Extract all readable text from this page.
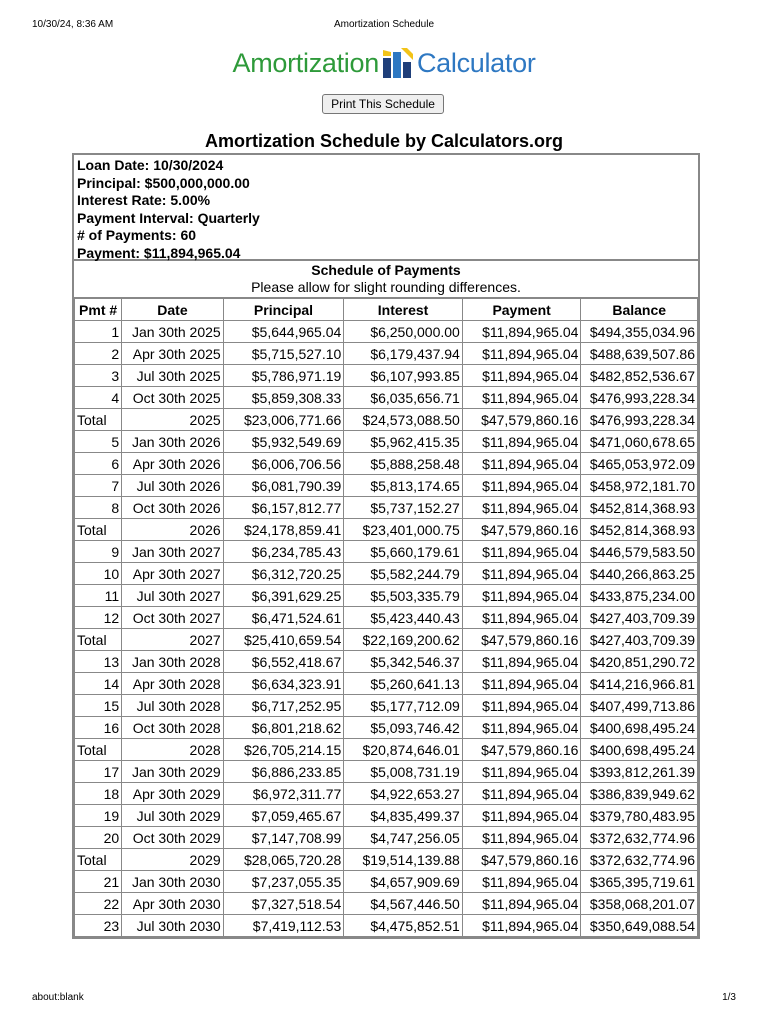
10/30/24, 8:36 AM	Amortization Schedule
Amortization Calculator
Print This Schedule
Amortization Schedule by Calculators.org
Loan Date: 10/30/2024
Principal: $500,000,000.00
Interest Rate: 5.00%
Payment Interval: Quarterly
# of Payments: 60
Payment: $11,894,965.04
Schedule of Payments
Please allow for slight rounding differences.
Pmt #	Date	Principal	Interest	Payment	Balance
1	Jan 30th 2025	$5,644,965.04	$6,250,000.00	$11,894,965.04	$494,355,034.96
2	Apr 30th 2025	$5,715,527.10	$6,179,437.94	$11,894,965.04	$488,639,507.86
3	Jul 30th 2025	$5,786,971.19	$6,107,993.85	$11,894,965.04	$482,852,536.67
4	Oct 30th 2025	$5,859,308.33	$6,035,656.71	$11,894,965.04	$476,993,228.34
Total	2025	$23,006,771.66	$24,573,088.50	$47,579,860.16	$476,993,228.34
5	Jan 30th 2026	$5,932,549.69	$5,962,415.35	$11,894,965.04	$471,060,678.65
6	Apr 30th 2026	$6,006,706.56	$5,888,258.48	$11,894,965.04	$465,053,972.09
7	Jul 30th 2026	$6,081,790.39	$5,813,174.65	$11,894,965.04	$458,972,181.70
8	Oct 30th 2026	$6,157,812.77	$5,737,152.27	$11,894,965.04	$452,814,368.93
Total	2026	$24,178,859.41	$23,401,000.75	$47,579,860.16	$452,814,368.93
9	Jan 30th 2027	$6,234,785.43	$5,660,179.61	$11,894,965.04	$446,579,583.50
10	Apr 30th 2027	$6,312,720.25	$5,582,244.79	$11,894,965.04	$440,266,863.25
11	Jul 30th 2027	$6,391,629.25	$5,503,335.79	$11,894,965.04	$433,875,234.00
12	Oct 30th 2027	$6,471,524.61	$5,423,440.43	$11,894,965.04	$427,403,709.39
Total	2027	$25,410,659.54	$22,169,200.62	$47,579,860.16	$427,403,709.39
13	Jan 30th 2028	$6,552,418.67	$5,342,546.37	$11,894,965.04	$420,851,290.72
14	Apr 30th 2028	$6,634,323.91	$5,260,641.13	$11,894,965.04	$414,216,966.81
15	Jul 30th 2028	$6,717,252.95	$5,177,712.09	$11,894,965.04	$407,499,713.86
16	Oct 30th 2028	$6,801,218.62	$5,093,746.42	$11,894,965.04	$400,698,495.24
Total	2028	$26,705,214.15	$20,874,646.01	$47,579,860.16	$400,698,495.24
17	Jan 30th 2029	$6,886,233.85	$5,008,731.19	$11,894,965.04	$393,812,261.39
18	Apr 30th 2029	$6,972,311.77	$4,922,653.27	$11,894,965.04	$386,839,949.62
19	Jul 30th 2029	$7,059,465.67	$4,835,499.37	$11,894,965.04	$379,780,483.95
20	Oct 30th 2029	$7,147,708.99	$4,747,256.05	$11,894,965.04	$372,632,774.96
Total	2029	$28,065,720.28	$19,514,139.88	$47,579,860.16	$372,632,774.96
21	Jan 30th 2030	$7,237,055.35	$4,657,909.69	$11,894,965.04	$365,395,719.61
22	Apr 30th 2030	$7,327,518.54	$4,567,446.50	$11,894,965.04	$358,068,201.07
23	Jul 30th 2030	$7,419,112.53	$4,475,852.51	$11,894,965.04	$350,649,088.54
about:blank	1/3
